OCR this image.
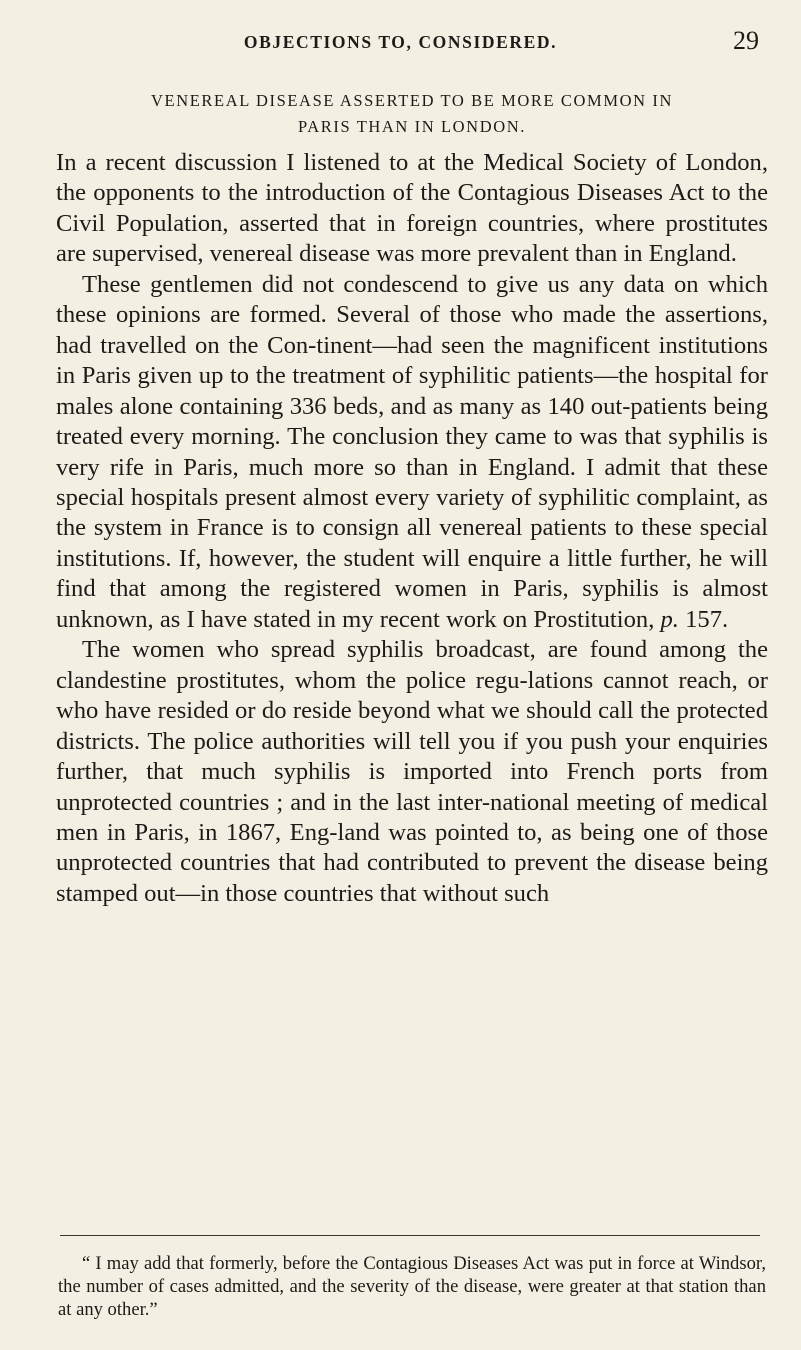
OBJECTIONS TO, CONSIDERED.	29
VENEREAL DISEASE ASSERTED TO BE MORE COMMON IN
PARIS THAN IN LONDON.

In a recent discussion I listened to at the Medical Society of London, the opponents to the introduction of the Contagious Diseases Act to the Civil Population, asserted that in foreign countries, where prostitutes are supervised, venereal disease was more prevalent than in England.

These gentlemen did not condescend to give us any data on which these opinions are formed. Several of those who made the assertions, had travelled on the Con-tinent—had seen the magnificent institutions in Paris given up to the treatment of syphilitic patients—the hospital for males alone containing 336 beds, and as many as 140 out-patients being treated every morning. The conclusion they came to was that syphilis is very rife in Paris, much more so than in England. I admit that these special hospitals present almost every variety of syphilitic complaint, as the system in France is to consign all venereal patients to these special institutions. If, however, the student will enquire a little further, he will find that among the registered women in Paris, syphilis is almost unknown, as I have stated in my recent work on Prostitution, p. 157.

The women who spread syphilis broadcast, are found among the clandestine prostitutes, whom the police regu-lations cannot reach, or who have resided or do reside beyond what we should call the protected districts. The police authorities will tell you if you push your enquiries further, that much syphilis is imported into French ports from unprotected countries ; and in the last inter-national meeting of medical men in Paris, in 1867, Eng-land was pointed to, as being one of those unprotected countries that had contributed to prevent the disease being stamped out—in those countries that without such

“ I may add that formerly, before the Contagious Diseases Act was put in force at Windsor, the number of cases admitted, and the severity of the disease, were greater at that station than at any other.”
